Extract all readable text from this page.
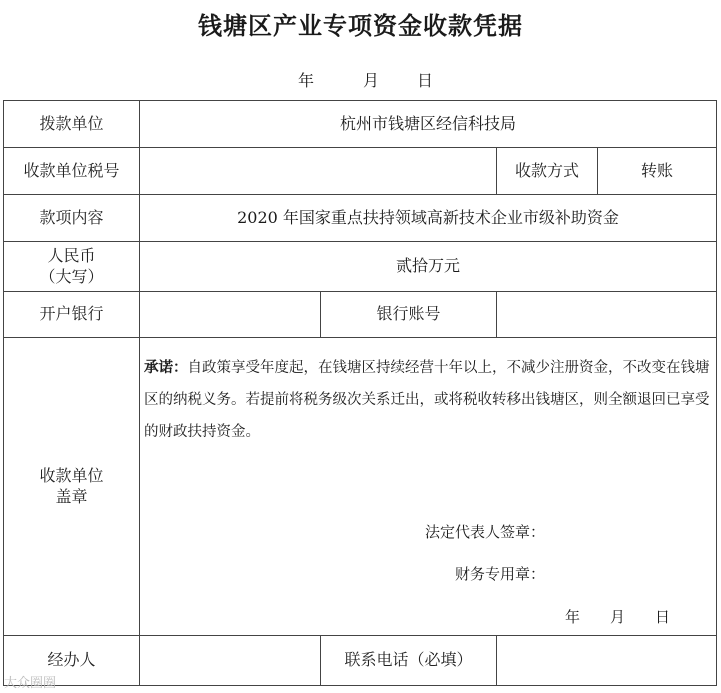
钱塘区产业专项资金收款凭据
年	月 日
拨款单位	杭州市钱塘区经信科技局			
收款单位税号			收款方式	转账
款项内容	2020 年国家重点扶持领域高新技术企业市级补助资金			

人民币
（大写）	贰拾万元			
开户银行		银行账号		

收款单位
盖章	承诺：自政策享受年度起，在钱塘区持续经营十年以上，不减少注册资金，不改变在钱塘区的纳税义务。若提前将税务级次关系迁出，或将税收转移出钱塘区，则全额退回已享受的财政扶持资金。
法定代表人签章：
财务专用章：
年　　月　　日			

经办人		联系电话（必填）		
大众圈圈
